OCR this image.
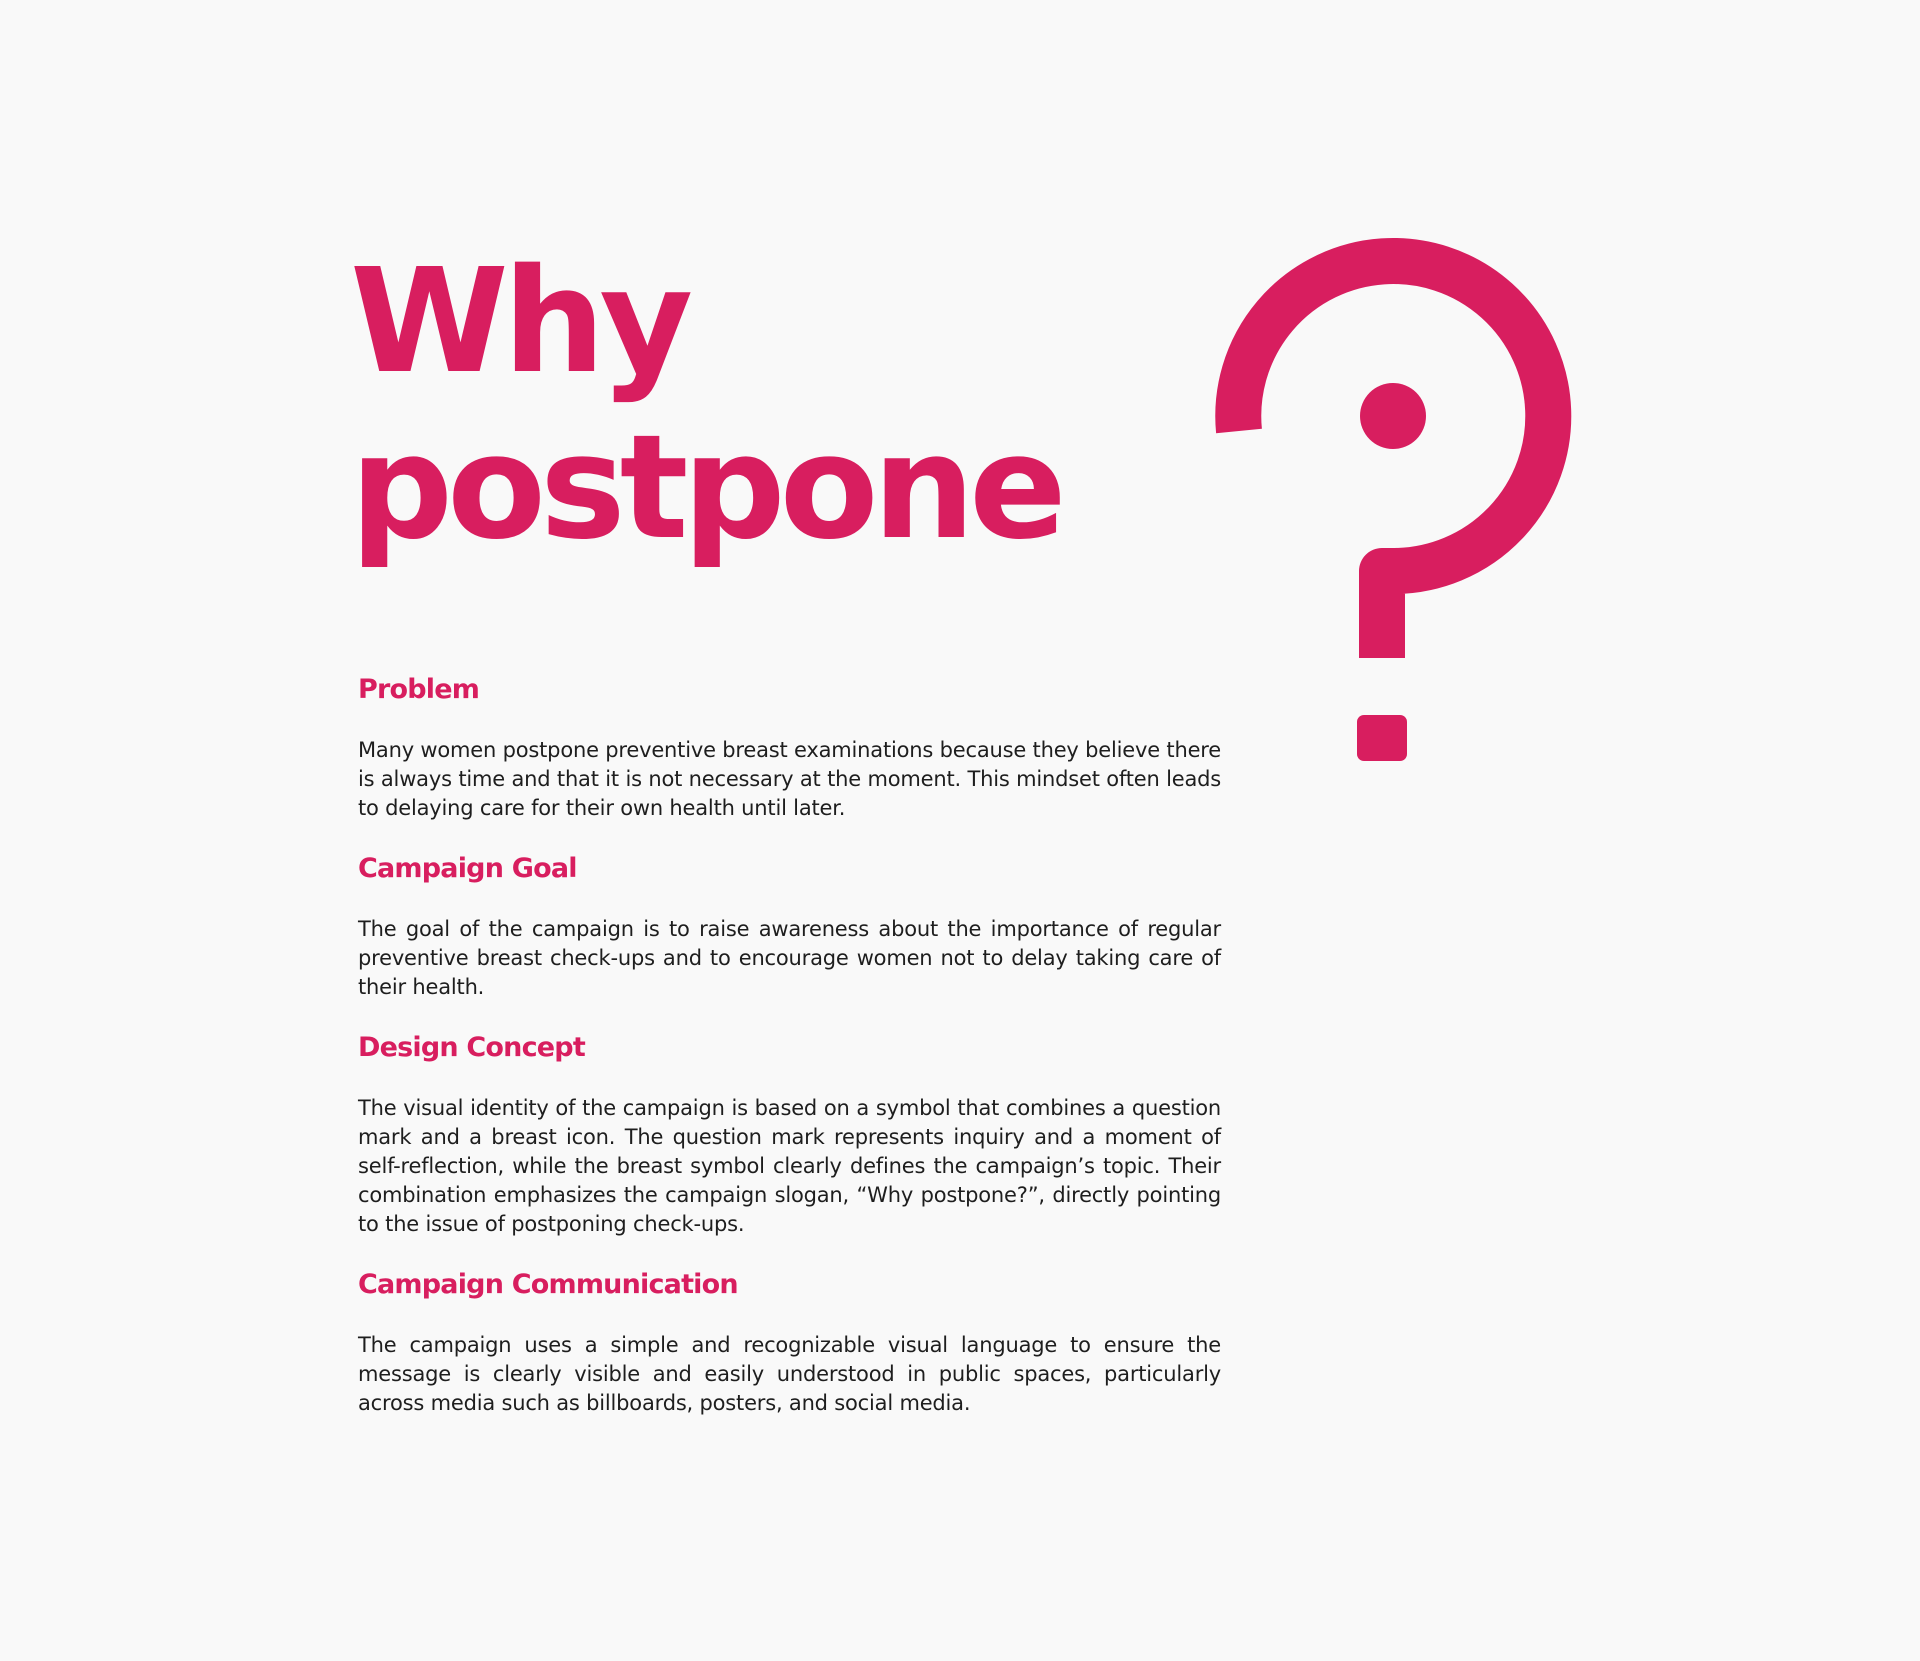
Why
postpone
Problem

Many women postpone preventive breast examinations because they believe there is always time and that it is not necessary at the moment. This mindset often leads to delaying care for their own health until later.

Campaign Goal

The goal of the campaign is to raise awareness about the importance of regular preventive breast check-ups and to encourage women not to delay taking care of their health.

Design Concept

The visual identity of the campaign is based on a symbol that combines a question mark and a breast icon. The question mark represents inquiry and a moment of self-reflection, while the breast symbol clearly defines the campaign’s topic. Their combination emphasizes the campaign slogan, “Why postpone?”, directly pointing to the issue of postponing check-ups.

Campaign Communication

The campaign uses a simple and recognizable visual language to ensure the message is clearly visible and easily understood in public spaces, particularly across media such as billboards, posters, and social media.
